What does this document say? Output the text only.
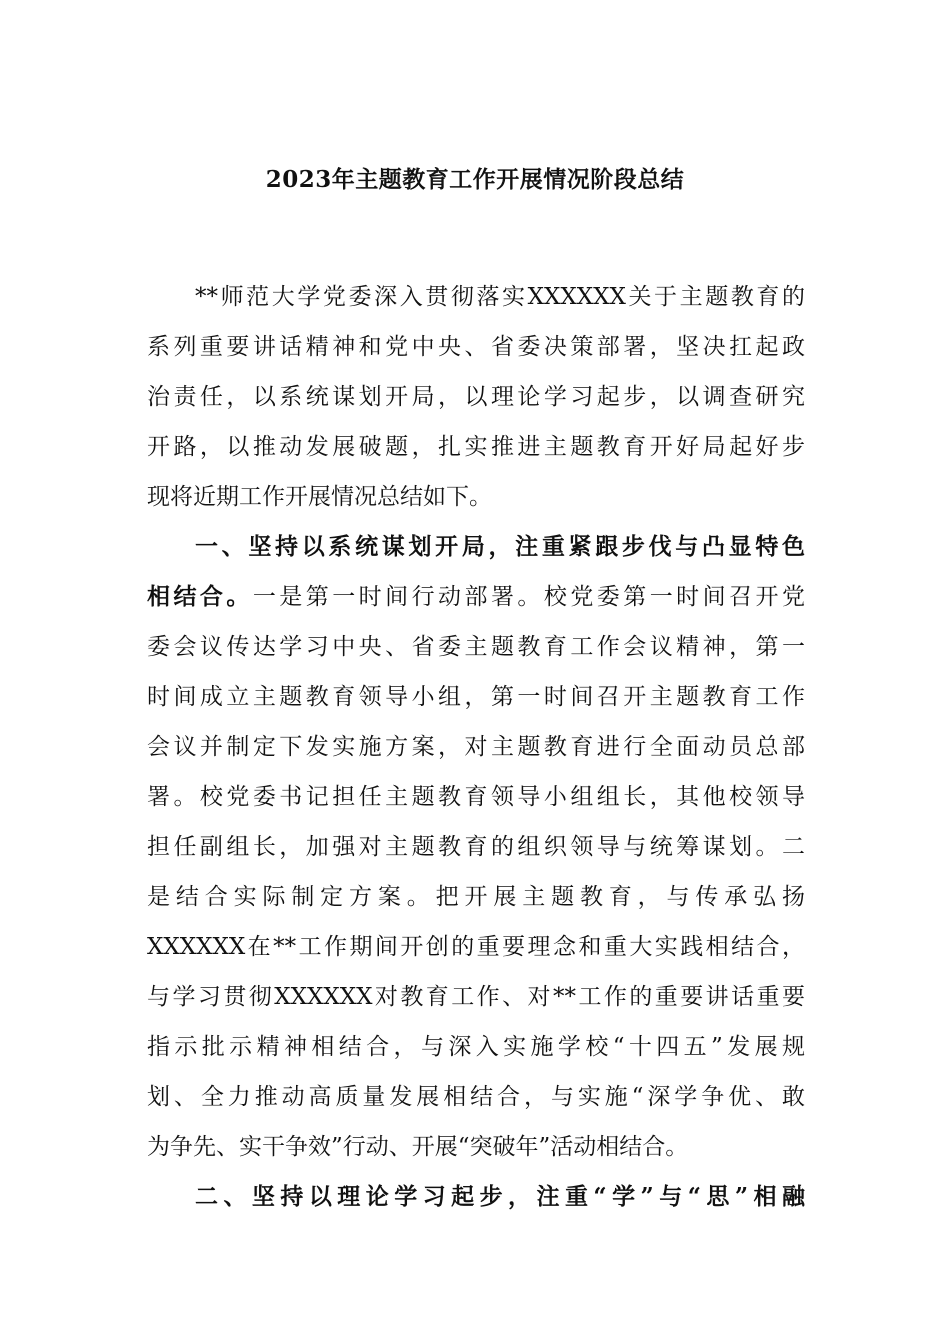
2023年主题教育工作开展情况阶段总结
**师范大学党委深入贯彻落实XXXXXX关于主题教育的
系列重要讲话精神和党中央、省委决策部署，坚决扛起政
治责任，以系统谋划开局，以理论学习起步，以调查研究
开路，以推动发展破题，扎实推进主题教育开好局起好步
现将近期工作开展情况总结如下。
一、坚持以系统谋划开局，注重紧跟步伐与凸显特色
相结合。一是第一时间行动部署。校党委第一时间召开党
委会议传达学习中央、省委主题教育工作会议精神，第一
时间成立主题教育领导小组，第一时间召开主题教育工作
会议并制定下发实施方案，对主题教育进行全面动员总部
署。校党委书记担任主题教育领导小组组长，其他校领导
担任副组长，加强对主题教育的组织领导与统筹谋划。二
是结合实际制定方案。把开展主题教育，与传承弘扬
XXXXXX在**工作期间开创的重要理念和重大实践相结合，
与学习贯彻XXXXXX对教育工作、对**工作的重要讲话重要
指示批示精神相结合，与深入实施学校“十四五”发展规
划、全力推动高质量发展相结合，与实施“深学争优、敢
为争先、实干争效”行动、开展“突破年”活动相结合。
二、坚持以理论学习起步，注重“学”与“思”相融
